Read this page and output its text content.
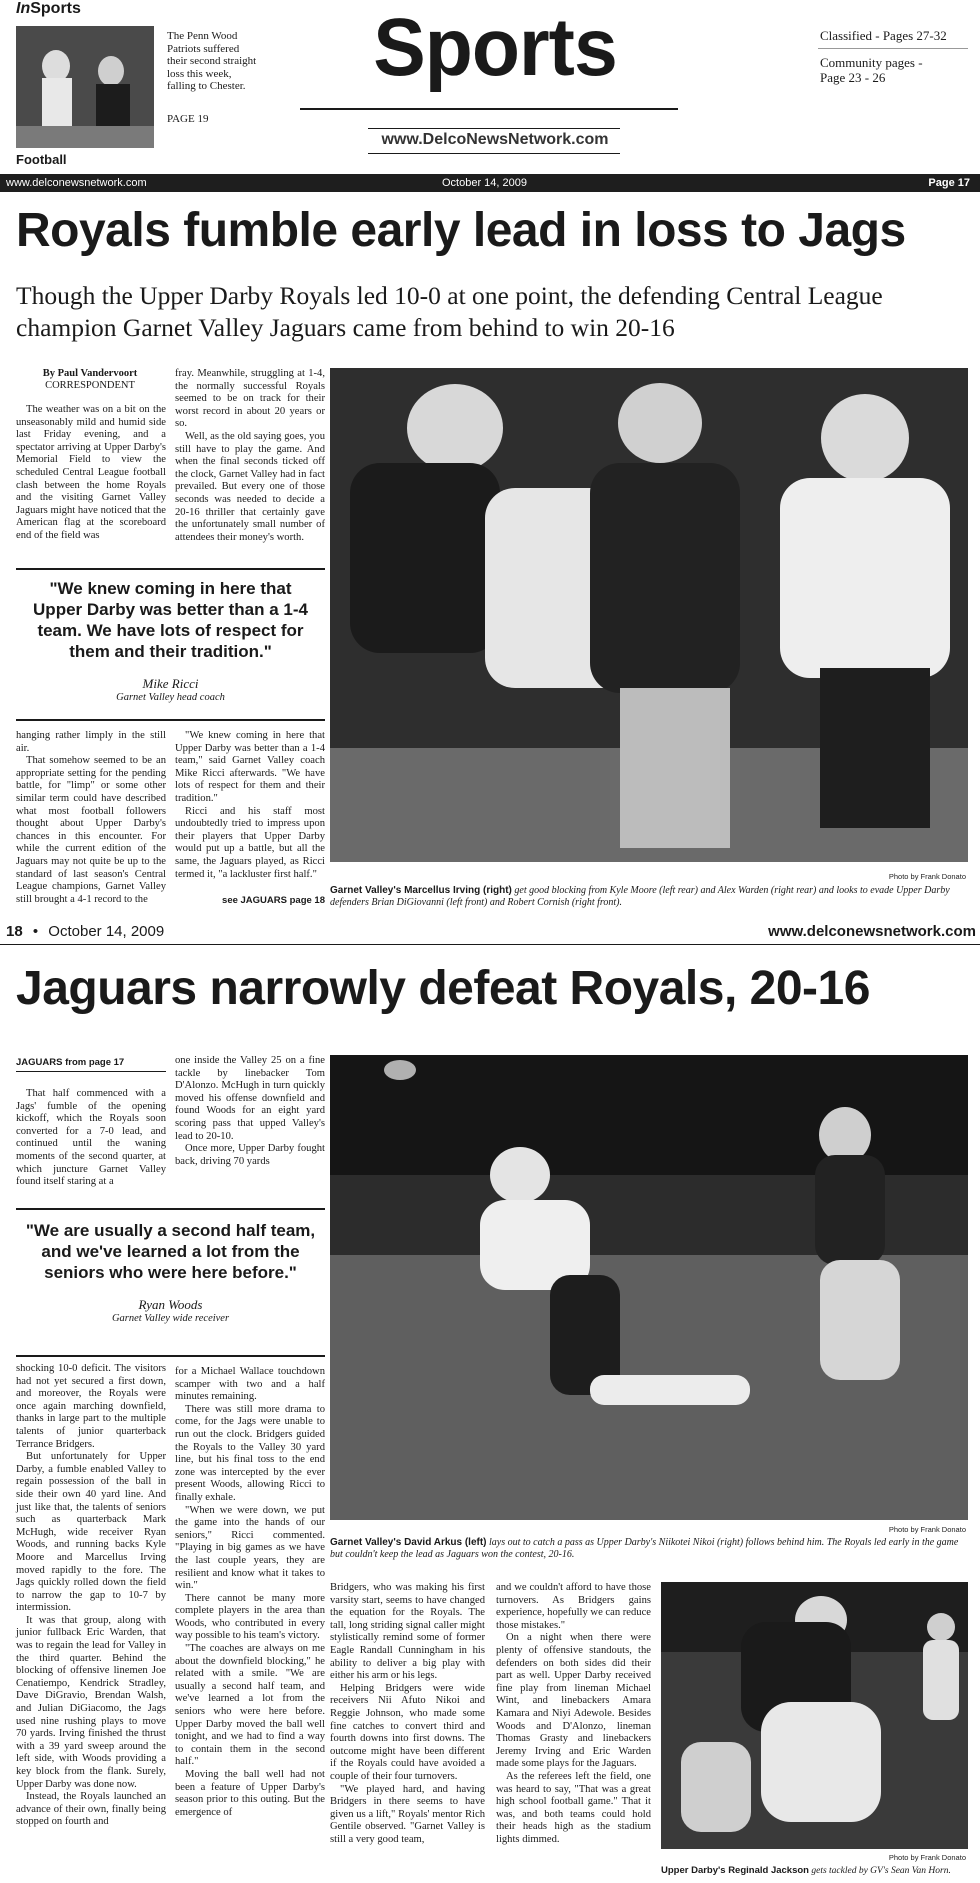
InSports
The Penn Wood Patriots suffered their second straight loss this week, falling to Chester.
PAGE 19
Football
Sports
www.DelcoNewsNetwork.com
Classified - Pages 27-32
Community pages - Page 23 - 26
www.delconewsnetwork.com	October 14, 2009	Page 17
Royals fumble early lead in loss to Jags
Though the Upper Darby Royals led 10-0 at one point, the defending Central League champion Garnet Valley Jaguars came from behind to win 20-16
By Paul Vandervoort
CORRESPONDENT

The weather was on a bit on the unseasonably mild and humid side last Friday evening, and a spectator arriving at Upper Darby's Memorial Field to view the scheduled Central League football clash between the home Royals and the visiting Garnet Valley Jaguars might have noticed that the American flag at the scoreboard end of the field was

fray. Meanwhile, struggling at 1-4, the normally successful Royals seemed to be on track for their worst record in about 20 years or so.

Well, as the old saying goes, you still have to play the game. And when the final seconds ticked off the clock, Garnet Valley had in fact prevailed. But every one of those seconds was needed to decide a 20-16 thriller that certainly gave the unfortunately small number of attendees their money's worth.

"We knew coming in here that Upper Darby was better than a 1-4 team. We have lots of respect for them and their tradition."
Mike Ricci
Garnet Valley head coach

hanging rather limply in the still air.

That somehow seemed to be an appropriate setting for the pending battle, for "limp" or some other similar term could have described what most football followers thought about Upper Darby's chances in this encounter. For while the current edition of the Jaguars may not quite be up to the standard of last season's Central League champions, Garnet Valley still brought a 4-1 record to the

"We knew coming in here that Upper Darby was better than a 1-4 team," said Garnet Valley coach Mike Ricci afterwards. "We have lots of respect for them and their tradition."

Ricci and his staff most undoubtedly tried to impress upon their players that Upper Darby would put up a battle, but all the same, the Jaguars played, as Ricci termed it, "a lackluster first half."

see JAGUARS page 18
Photo by Frank Donato
Garnet Valley's Marcellus Irving (right) get good blocking from Kyle Moore (left rear) and Alex Warden (right rear) and looks to evade Upper Darby defenders Brian DiGiovanni (left front) and Robert Cornish (right front).
18 • October 14, 2009	www.delconewsnetwork.com
Jaguars narrowly defeat Royals, 20-16
JAGUARS from page 17

That half commenced with a Jags' fumble of the opening kickoff, which the Royals soon converted for a 7-0 lead, and continued until the waning moments of the second quarter, at which juncture Garnet Valley found itself staring at a

one inside the Valley 25 on a fine tackle by linebacker Tom D'Alonzo. McHugh in turn quickly moved his offense downfield and found Woods for an eight yard scoring pass that upped Valley's lead to 20-10.

Once more, Upper Darby fought back, driving 70 yards

"We are usually a second half team, and we've learned a lot from the seniors who were here before."
Ryan Woods
Garnet Valley wide receiver

shocking 10-0 deficit. The visitors had not yet secured a first down, and moreover, the Royals were once again marching downfield, thanks in large part to the multiple talents of junior quarterback Terrance Bridgers.

But unfortunately for Upper Darby, a fumble enabled Valley to regain possession of the ball in side their own 40 yard line. And just like that, the talents of seniors such as quarterback Mark McHugh, wide receiver Ryan Woods, and running backs Kyle Moore and Marcellus Irving moved rapidly to the fore. The Jags quickly rolled down the field to narrow the gap to 10-7 by intermission.

It was that group, along with junior fullback Eric Warden, that was to regain the lead for Valley in the third quarter. Behind the blocking of offensive linemen Joe Cenatiempo, Kendrick Stradley, Dave DiGravio, Brendan Walsh, and Julian DiGiacomo, the Jags used nine rushing plays to move 70 yards. Irving finished the thrust with a 39 yard sweep around the left side, with Woods providing a key block from the flank. Surely, Upper Darby was done now.

Instead, the Royals launched an advance of their own, finally being stopped on fourth and

for a Michael Wallace touchdown scamper with two and a half minutes remaining.

There was still more drama to come, for the Jags were unable to run out the clock. Bridgers guided the Royals to the Valley 30 yard line, but his final toss to the end zone was intercepted by the ever present Woods, allowing Ricci to finally exhale.

"When we were down, we put the game into the hands of our seniors," Ricci commented. "Playing in big games as we have the last couple years, they are resilient and know what it takes to win."

There cannot be many more complete players in the area than Woods, who contributed in every way possible to his team's victory.

"The coaches are always on me about the downfield blocking," he related with a smile. "We are usually a second half team, and we've learned a lot from the seniors who were here before. Upper Darby moved the ball well tonight, and we had to find a way to contain them in the second half."

Moving the ball well had not been a feature of Upper Darby's season prior to this outing. But the emergence of

Photo by Frank Donato
Garnet Valley's David Arkus (left) lays out to catch a pass as Upper Darby's Niikotei Nikoi (right) follows behind him. The Royals led early in the game but couldn't keep the lead as Jaguars won the contest, 20-16.

Bridgers, who was making his first varsity start, seems to have changed the equation for the Royals. The tall, long striding signal caller might stylistically remind some of former Eagle Randall Cunningham in his ability to deliver a big play with either his arm or his legs.

Helping Bridgers were wide receivers Nii Afuto Nikoi and Reggie Johnson, who made some fine catches to convert third and fourth downs into first downs. The outcome might have been different if the Royals could have avoided a couple of their four turnovers.

"We played hard, and having Bridgers in there seems to have given us a lift," Royals' mentor Rich Gentile observed. "Garnet Valley is still a very good team,

and we couldn't afford to have those turnovers. As Bridgers gains experience, hopefully we can reduce those mistakes."

On a night when there were plenty of offensive standouts, the defenders on both sides did their part as well. Upper Darby received fine play from lineman Michael Wint, and linebackers Amara Kamara and Niyi Adewole. Besides Woods and D'Alonzo, lineman Thomas Grasty and linebackers Jeremy Irving and Eric Warden made some plays for the Jaguars.

As the referees left the field, one was heard to say, "That was a great high school football game." That it was, and both teams could hold their heads high as the stadium lights dimmed.

Photo by Frank Donato
Upper Darby's Reginald Jackson gets tackled by GV's Sean Van Horn.
